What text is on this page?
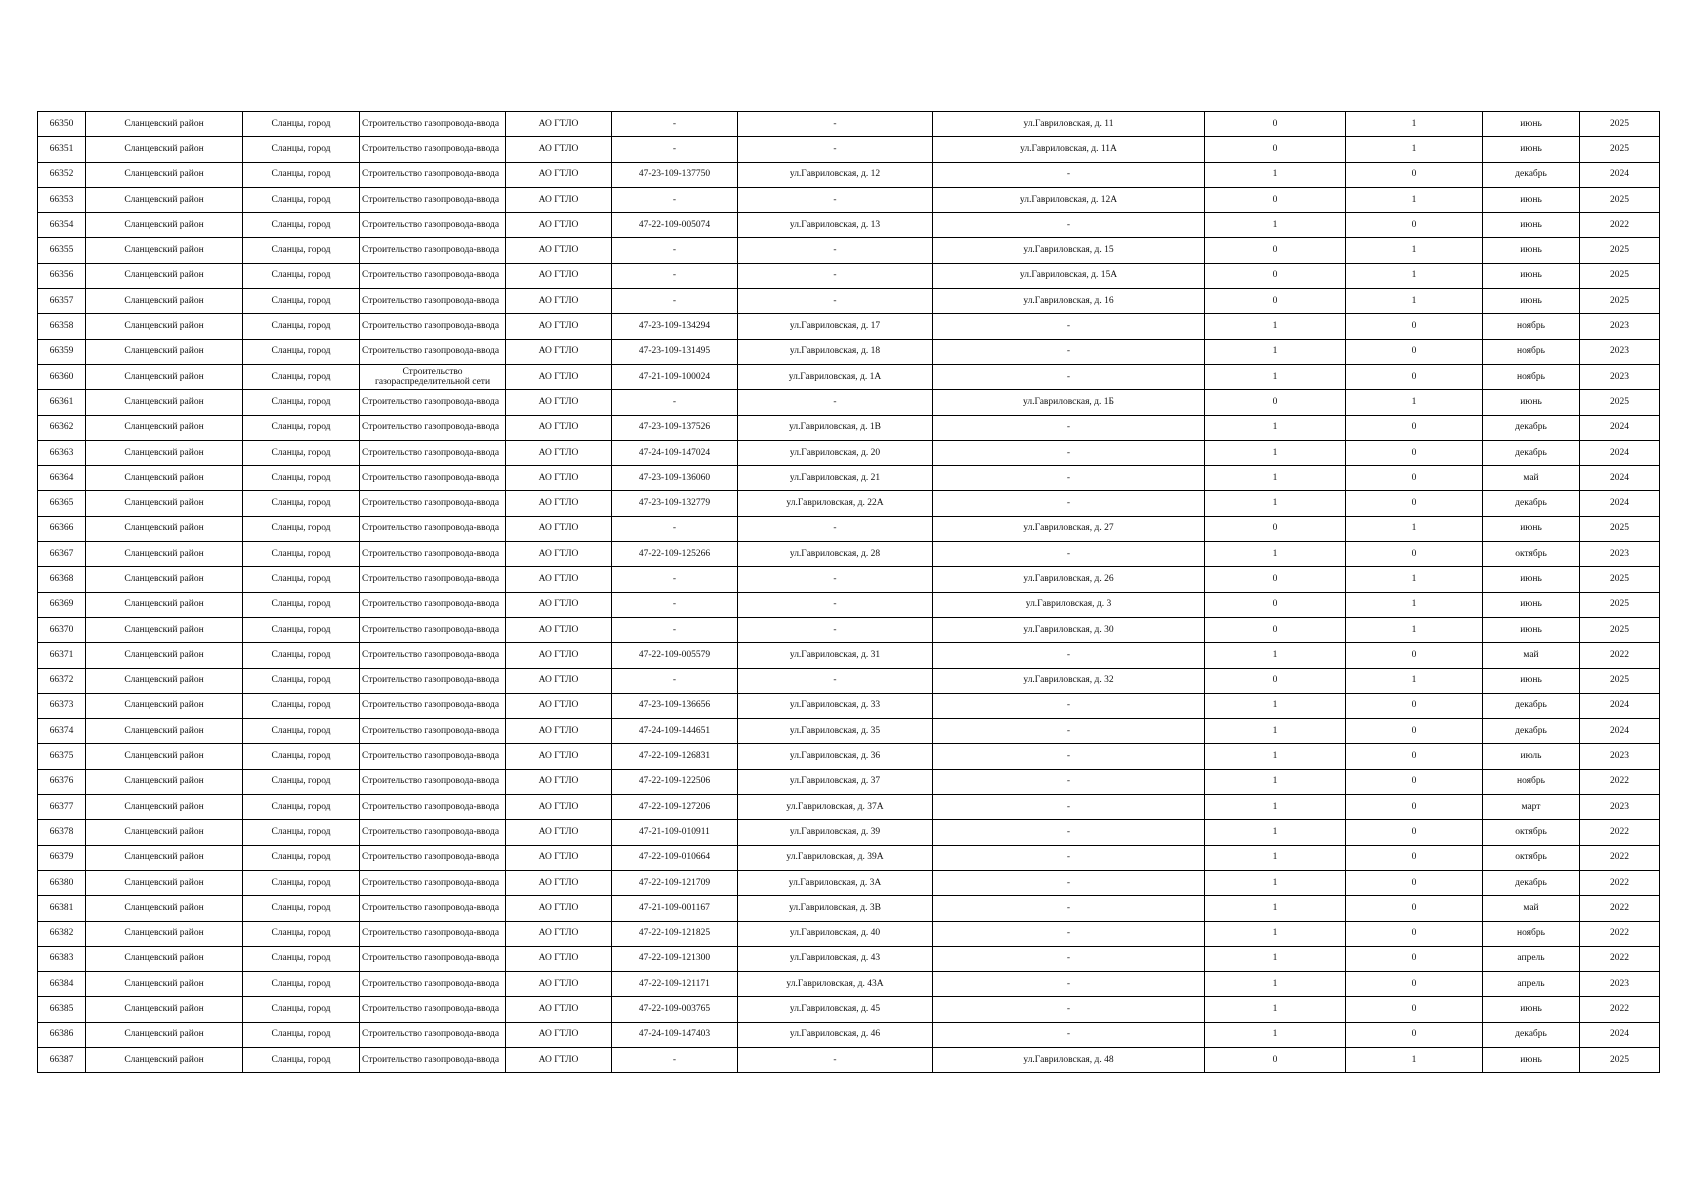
66350	Сланцевский район	Сланцы, город	Строительство газопровода-ввода	АО ГТЛО	-	-	ул.Гавриловская, д. 11	0	1	июнь	2025
66351	Сланцевский район	Сланцы, город	Строительство газопровода-ввода	АО ГТЛО	-	-	ул.Гавриловская, д. 11А	0	1	июнь	2025
66352	Сланцевский район	Сланцы, город	Строительство газопровода-ввода	АО ГТЛО	47-23-109-137750	ул.Гавриловская, д. 12	-	1	0	декабрь	2024
66353	Сланцевский район	Сланцы, город	Строительство газопровода-ввода	АО ГТЛО	-	-	ул.Гавриловская, д. 12А	0	1	июнь	2025
66354	Сланцевский район	Сланцы, город	Строительство газопровода-ввода	АО ГТЛО	47-22-109-005074	ул.Гавриловская, д. 13	-	1	0	июнь	2022
66355	Сланцевский район	Сланцы, город	Строительство газопровода-ввода	АО ГТЛО	-	-	ул.Гавриловская, д. 15	0	1	июнь	2025
66356	Сланцевский район	Сланцы, город	Строительство газопровода-ввода	АО ГТЛО	-	-	ул.Гавриловская, д. 15А	0	1	июнь	2025
66357	Сланцевский район	Сланцы, город	Строительство газопровода-ввода	АО ГТЛО	-	-	ул.Гавриловская, д. 16	0	1	июнь	2025
66358	Сланцевский район	Сланцы, город	Строительство газопровода-ввода	АО ГТЛО	47-23-109-134294	ул.Гавриловская, д. 17	-	1	0	ноябрь	2023
66359	Сланцевский район	Сланцы, город	Строительство газопровода-ввода	АО ГТЛО	47-23-109-131495	ул.Гавриловская, д. 18	-	1	0	ноябрь	2023
66360	Сланцевский район	Сланцы, город	Строительство газораспределительной сети	АО ГТЛО	47-21-109-100024	ул.Гавриловская, д. 1А	-	1	0	ноябрь	2023
66361	Сланцевский район	Сланцы, город	Строительство газопровода-ввода	АО ГТЛО	-	-	ул.Гавриловская, д. 1Б	0	1	июнь	2025
66362	Сланцевский район	Сланцы, город	Строительство газопровода-ввода	АО ГТЛО	47-23-109-137526	ул.Гавриловская, д. 1В	-	1	0	декабрь	2024
66363	Сланцевский район	Сланцы, город	Строительство газопровода-ввода	АО ГТЛО	47-24-109-147024	ул.Гавриловская, д. 20	-	1	0	декабрь	2024
66364	Сланцевский район	Сланцы, город	Строительство газопровода-ввода	АО ГТЛО	47-23-109-136060	ул.Гавриловская, д. 21	-	1	0	май	2024
66365	Сланцевский район	Сланцы, город	Строительство газопровода-ввода	АО ГТЛО	47-23-109-132779	ул.Гавриловская, д. 22А	-	1	0	декабрь	2024
66366	Сланцевский район	Сланцы, город	Строительство газопровода-ввода	АО ГТЛО	-	-	ул.Гавриловская, д. 27	0	1	июнь	2025
66367	Сланцевский район	Сланцы, город	Строительство газопровода-ввода	АО ГТЛО	47-22-109-125266	ул.Гавриловская, д. 28	-	1	0	октябрь	2023
66368	Сланцевский район	Сланцы, город	Строительство газопровода-ввода	АО ГТЛО	-	-	ул.Гавриловская, д. 26	0	1	июнь	2025
66369	Сланцевский район	Сланцы, город	Строительство газопровода-ввода	АО ГТЛО	-	-	ул.Гавриловская, д. 3	0	1	июнь	2025
66370	Сланцевский район	Сланцы, город	Строительство газопровода-ввода	АО ГТЛО	-	-	ул.Гавриловская, д. 30	0	1	июнь	2025
66371	Сланцевский район	Сланцы, город	Строительство газопровода-ввода	АО ГТЛО	47-22-109-005579	ул.Гавриловская, д. 31	-	1	0	май	2022
66372	Сланцевский район	Сланцы, город	Строительство газопровода-ввода	АО ГТЛО	-	-	ул.Гавриловская, д. 32	0	1	июнь	2025
66373	Сланцевский район	Сланцы, город	Строительство газопровода-ввода	АО ГТЛО	47-23-109-136656	ул.Гавриловская, д. 33	-	1	0	декабрь	2024
66374	Сланцевский район	Сланцы, город	Строительство газопровода-ввода	АО ГТЛО	47-24-109-144651	ул.Гавриловская, д. 35	-	1	0	декабрь	2024
66375	Сланцевский район	Сланцы, город	Строительство газопровода-ввода	АО ГТЛО	47-22-109-126831	ул.Гавриловская, д. 36	-	1	0	июль	2023
66376	Сланцевский район	Сланцы, город	Строительство газопровода-ввода	АО ГТЛО	47-22-109-122506	ул.Гавриловская, д. 37	-	1	0	ноябрь	2022
66377	Сланцевский район	Сланцы, город	Строительство газопровода-ввода	АО ГТЛО	47-22-109-127206	ул.Гавриловская, д. 37А	-	1	0	март	2023
66378	Сланцевский район	Сланцы, город	Строительство газопровода-ввода	АО ГТЛО	47-21-109-010911	ул.Гавриловская, д. 39	-	1	0	октябрь	2022
66379	Сланцевский район	Сланцы, город	Строительство газопровода-ввода	АО ГТЛО	47-22-109-010664	ул.Гавриловская, д. 39А	-	1	0	октябрь	2022
66380	Сланцевский район	Сланцы, город	Строительство газопровода-ввода	АО ГТЛО	47-22-109-121709	ул.Гавриловская, д. 3А	-	1	0	декабрь	2022
66381	Сланцевский район	Сланцы, город	Строительство газопровода-ввода	АО ГТЛО	47-21-109-001167	ул.Гавриловская, д. 3В	-	1	0	май	2022
66382	Сланцевский район	Сланцы, город	Строительство газопровода-ввода	АО ГТЛО	47-22-109-121825	ул.Гавриловская, д. 40	-	1	0	ноябрь	2022
66383	Сланцевский район	Сланцы, город	Строительство газопровода-ввода	АО ГТЛО	47-22-109-121300	ул.Гавриловская, д. 43	-	1	0	апрель	2022
66384	Сланцевский район	Сланцы, город	Строительство газопровода-ввода	АО ГТЛО	47-22-109-121171	ул.Гавриловская, д. 43А	-	1	0	апрель	2023
66385	Сланцевский район	Сланцы, город	Строительство газопровода-ввода	АО ГТЛО	47-22-109-003765	ул.Гавриловская, д. 45	-	1	0	июнь	2022
66386	Сланцевский район	Сланцы, город	Строительство газопровода-ввода	АО ГТЛО	47-24-109-147403	ул.Гавриловская, д. 46	-	1	0	декабрь	2024
66387	Сланцевский район	Сланцы, город	Строительство газопровода-ввода	АО ГТЛО	-	-	ул.Гавриловская, д. 48	0	1	июнь	2025
